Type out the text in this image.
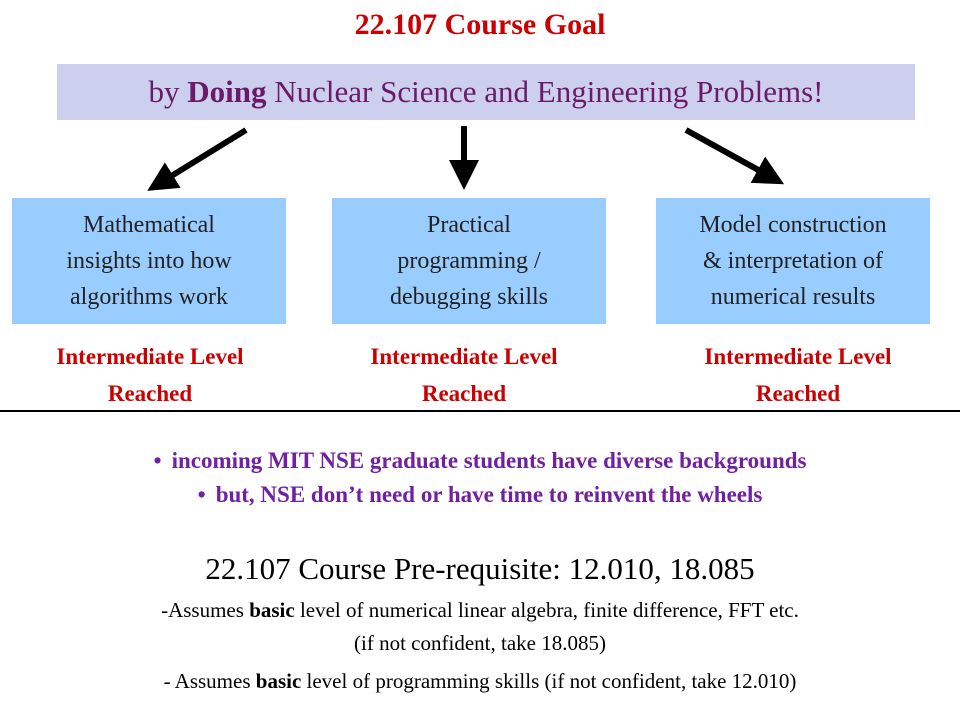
22.107 Course Goal
by Doing Nuclear Science and Engineering Problems!
Mathematical
insights into how
algorithms work
Practical
programming /
debugging skills
Model construction
& interpretation of
numerical results
Intermediate Level
Reached
Intermediate Level
Reached
Intermediate Level
Reached
• incoming MIT NSE graduate students have diverse backgrounds
• but, NSE don’t need or have time to reinvent the wheels
22.107 Course Pre-requisite: 12.010, 18.085
-Assumes basic level of numerical linear algebra, finite difference, FFT etc.
(if not confident, take 18.085)
- Assumes basic level of programming skills (if not confident, take 12.010)
